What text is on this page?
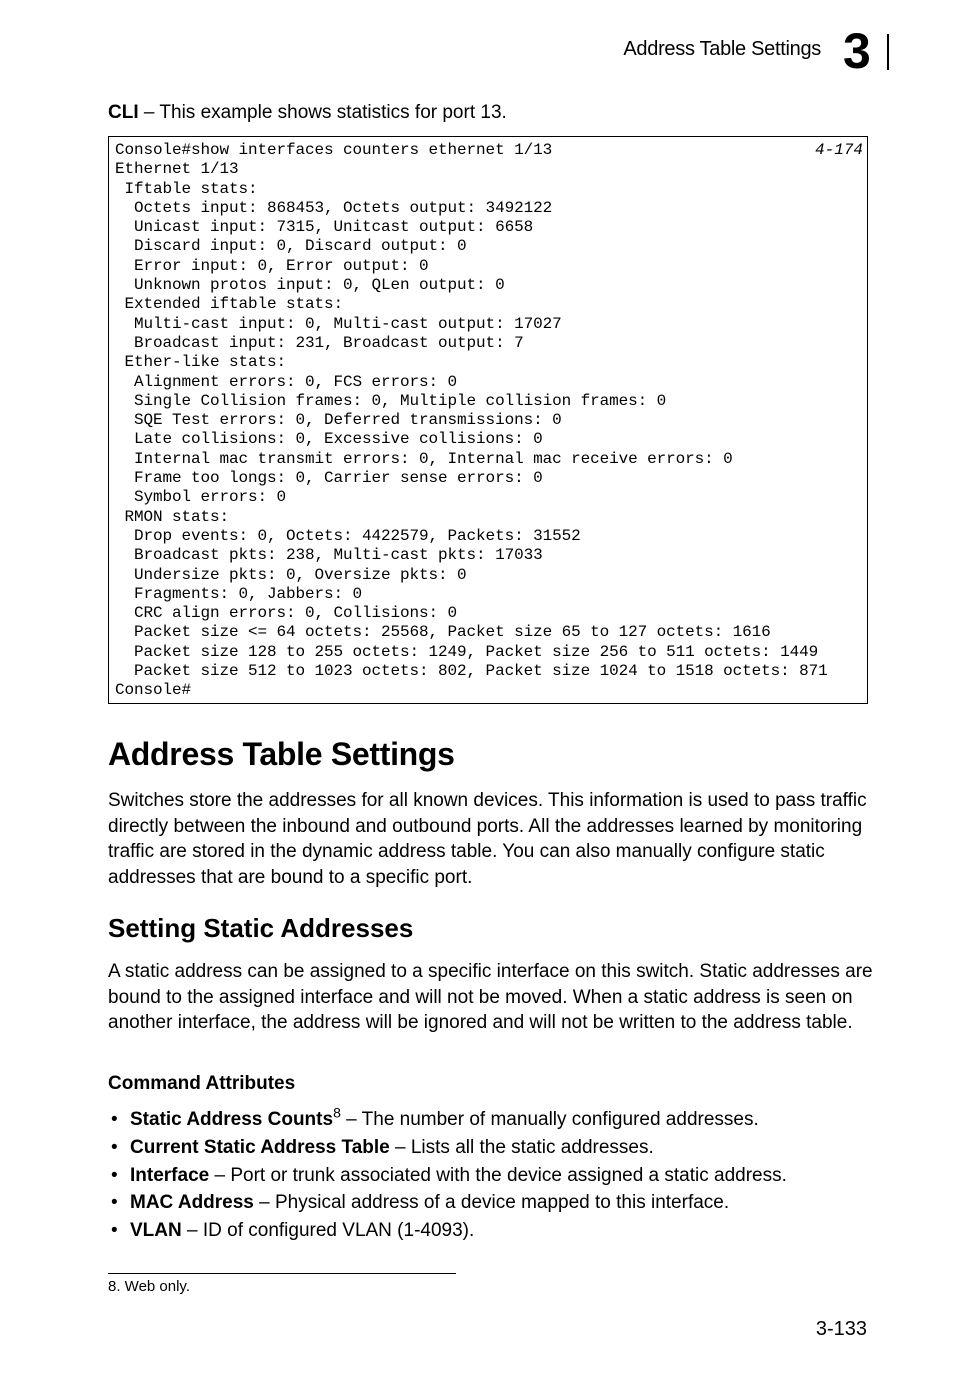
Address Table Settings 3
CLI – This example shows statistics for port 13.
Console#show interfaces counters ethernet 1/13
Ethernet 1/13
Iftable stats:
Octets input: 868453, Octets output: 3492122
Unicast input: 7315, Unitcast output: 6658
Discard input: 0, Discard output: 0
Error input: 0, Error output: 0
Unknown protos input: 0, QLen output: 0
Extended iftable stats:
Multi-cast input: 0, Multi-cast output: 17027
Broadcast input: 231, Broadcast output: 7
Ether-like stats:
Alignment errors: 0, FCS errors: 0
Single Collision frames: 0, Multiple collision frames: 0
SQE Test errors: 0, Deferred transmissions: 0
Late collisions: 0, Excessive collisions: 0
Internal mac transmit errors: 0, Internal mac receive errors: 0
Frame too longs: 0, Carrier sense errors: 0
Symbol errors: 0
RMON stats:
Drop events: 0, Octets: 4422579, Packets: 31552
Broadcast pkts: 238, Multi-cast pkts: 17033
Undersize pkts: 0, Oversize pkts: 0
Fragments: 0, Jabbers: 0
CRC align errors: 0, Collisions: 0
Packet size <= 64 octets: 25568, Packet size 65 to 127 octets: 1616
Packet size 128 to 255 octets: 1249, Packet size 256 to 511 octets: 1449
Packet size 512 to 1023 octets: 802, Packet size 1024 to 1518 octets: 871
Console#
4-174
Address Table Settings

Switches store the addresses for all known devices. This information is used to pass traffic directly between the inbound and outbound ports. All the addresses learned by monitoring traffic are stored in the dynamic address table. You can also manually configure static addresses that are bound to a specific port.

Setting Static Addresses

A static address can be assigned to a specific interface on this switch. Static addresses are bound to the assigned interface and will not be moved. When a static address is seen on another interface, the address will be ignored and will not be written to the address table.

Command Attributes
• Static Address Counts$^8$ – The number of manually configured addresses.
• Current Static Address Table – Lists all the static addresses.
• Interface – Port or trunk associated with the device assigned a static address.
• MAC Address – Physical address of a device mapped to this interface.
• VLAN – ID of configured VLAN (1-4093).
8. Web only.
3-133
